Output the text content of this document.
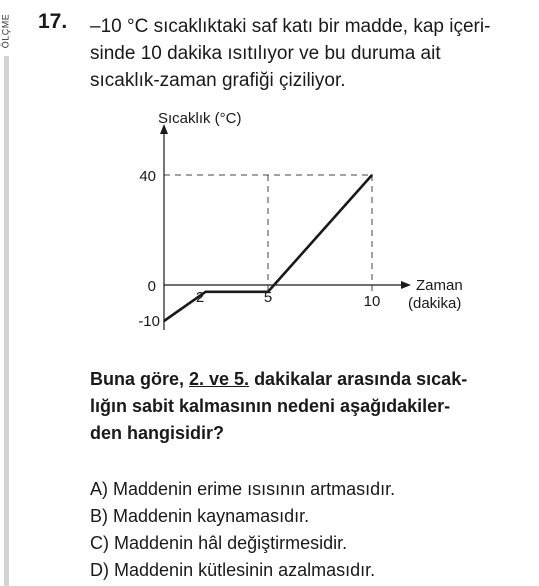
ÖLÇME 17. –10 °C sıcaklıktaki saf katı bir madde, kap içeri-
sinde 10 dakika ısıtılıyor ve bu duruma ait
sıcaklık-zaman grafiği çiziliyor.
Sıcaklık (°C)
40
0
-10
2	5	10
Zaman
(dakika)
Buna göre, 2. ve 5. dakikalar arasında sıcak-
lığın sabit kalmasının nedeni aşağıdakiler-
den hangisidir?
A) Maddenin erime ısısının artmasıdır.
B) Maddenin kaynamasıdır.
C) Maddenin hâl değiştirmesidir.
D) Maddenin kütlesinin azalmasıdır.
